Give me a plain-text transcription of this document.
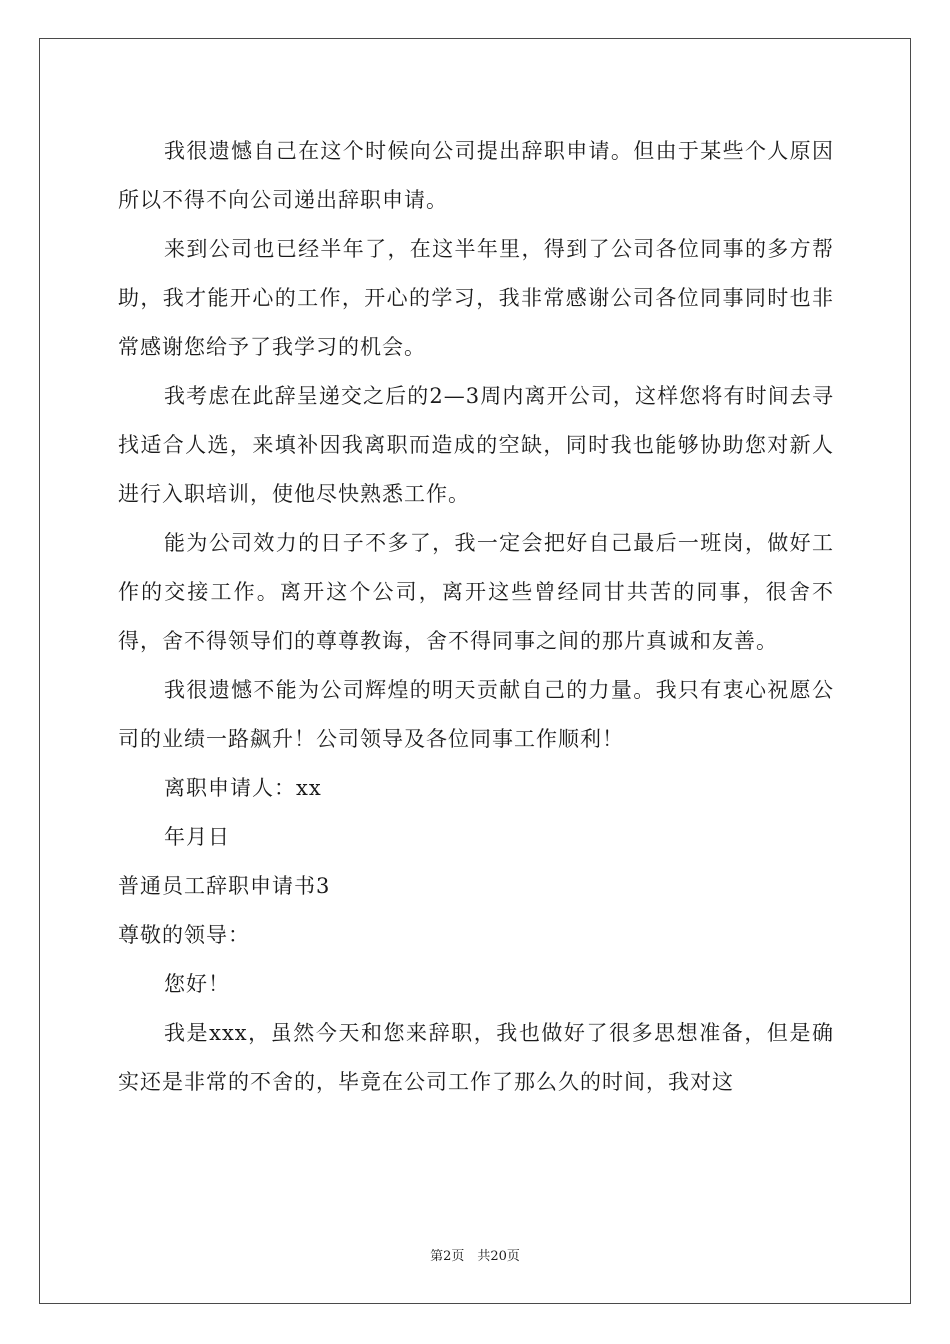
我很遗憾自己在这个时候向公司提出辞职申请。但由于某些个人原因所以不得不向公司递出辞职申请。

来到公司也已经半年了，在这半年里，得到了公司各位同事的多方帮助，我才能开心的工作，开心的学习，我非常感谢公司各位同事同时也非常感谢您给予了我学习的机会。

我考虑在此辞呈递交之后的2—3周内离开公司，这样您将有时间去寻找适合人选，来填补因我离职而造成的空缺，同时我也能够协助您对新人进行入职培训，使他尽快熟悉工作。

能为公司效力的日子不多了，我一定会把好自己最后一班岗，做好工作的交接工作。离开这个公司，离开这些曾经同甘共苦的同事，很舍不得，舍不得领导们的尊尊教诲，舍不得同事之间的那片真诚和友善。

我很遗憾不能为公司辉煌的明天贡献自己的力量。我只有衷心祝愿公司的业绩一路飙升！公司领导及各位同事工作顺利！

离职申请人：xx

年月日

普通员工辞职申请书3

尊敬的领导：

您好！

我是xxx，虽然今天和您来辞职，我也做好了很多思想准备，但是确实还是非常的不舍的，毕竟在公司工作了那么久的时间，我对这

第2页　共20页
